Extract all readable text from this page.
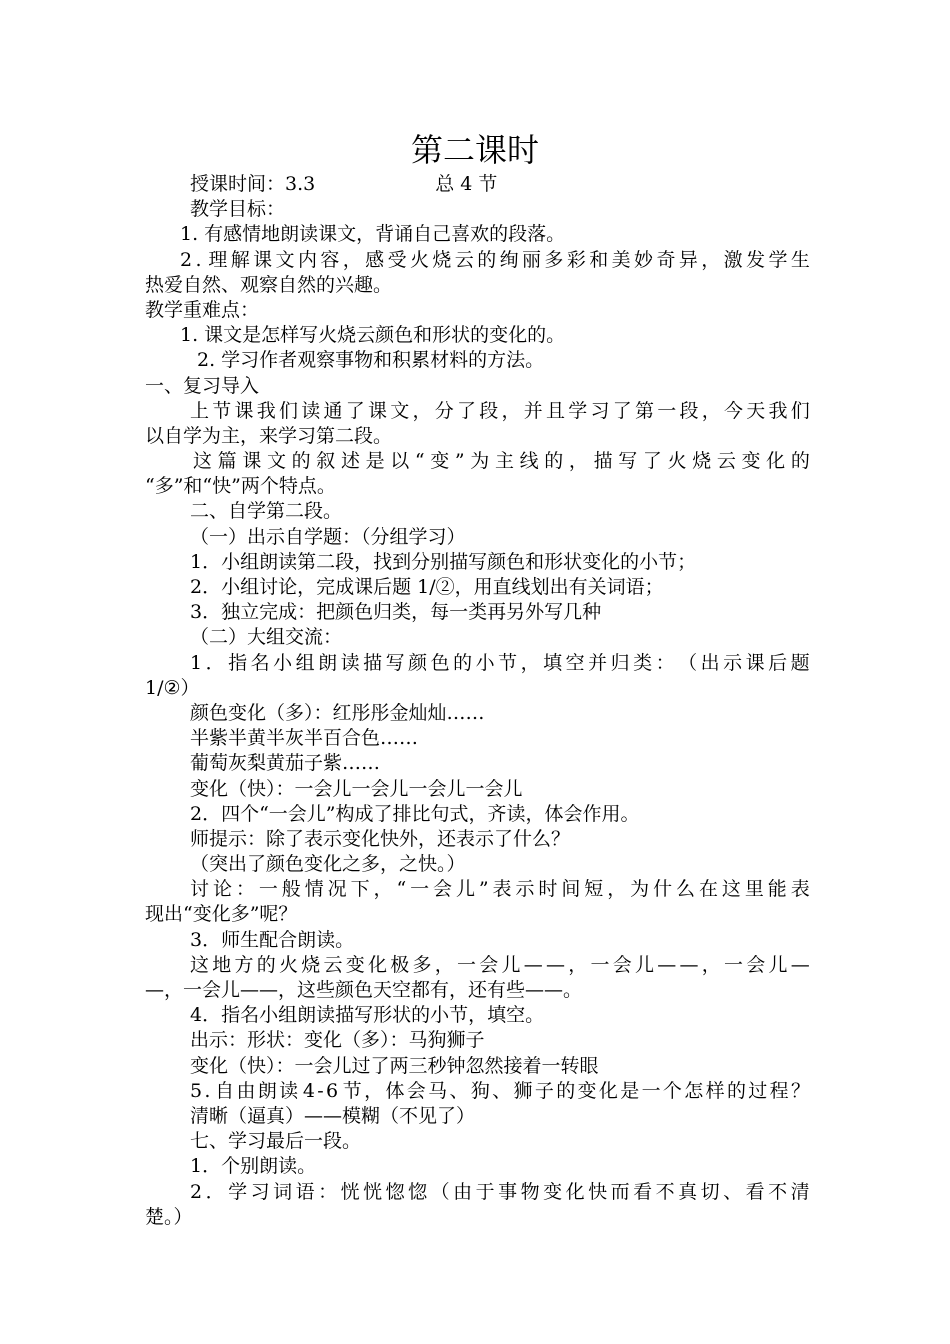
第二课时
授课时间：3.3	总 4 节
教学目标：
1. 有感情地朗读课文，背诵自己喜欢的段落。
2 . 理 解 课 文 内 容 ， 感 受 火 烧 云 的 绚 丽 多 彩 和 美 妙 奇 异 ， 激 发 学 生
热爱自然、观察自然的兴趣。
教学重难点：
1. 课文是怎样写火烧云颜色和形状的变化的。
2. 学习作者观察事物和积累材料的方法。
一、复习导入
上 节 课 我 们 读 通 了 课 文 ， 分 了 段 ， 并 且 学 习 了 第 一 段 ， 今 天 我 们
以自学为主，来学习第二段。
这 篇 课 文 的 叙 述 是 以 “ 变 ” 为 主 线 的 ， 描 写 了 火 烧 云 变 化 的
“多”和“快”两个特点。
二、自学第二段。
（一）出示自学题：（分组学习）
1．小组朗读第二段，找到分别描写颜色和形状变化的小节；
2．小组讨论，完成课后题 1/②，用直线划出有关词语；
3．独立完成：把颜色归类，每一类再另外写几种
（二）大组交流：
1 ． 指 名 小 组 朗 读 描 写 颜 色 的 小 节 ， 填 空 并 归 类 ： （ 出 示 课 后 题
1/②）
颜色变化（多）：红彤彤金灿灿……
半紫半黄半灰半百合色……
葡萄灰梨黄茄子紫……
变化（快）：一会儿一会儿一会儿一会儿
2．四个“一会儿”构成了排比句式，齐读，体会作用。
师提示：除了表示变化快外，还表示了什么？
（突出了颜色变化之多，之快。）
讨 论 ： 一 般 情 况 下 ， “ 一 会 儿 ” 表 示 时 间 短 ， 为 什 么 在 这 里 能 表
现出“变化多”呢？
3．师生配合朗读。
这 地 方 的 火 烧 云 变 化 极 多 ， 一 会 儿 — — ， 一 会 儿 — — ， 一 会 儿 —
—，一会儿——，这些颜色天空都有，还有些——。
4．指名小组朗读描写形状的小节，填空。
出示：形状：变化（多）：马狗狮子
变化（快）：一会儿过了两三秒钟忽然接着一转眼
5 . 自 由 朗 读 4 - 6 节 ， 体 会 马 、 狗 、 狮 子 的 变 化 是 一 个 怎 样 的 过 程 ？
清晰（逼真）——模糊（不见了）
七、学习最后一段。
1．个别朗读。
2 ． 学 习 词 语 ： 恍 恍 惚 惚 （ 由 于 事 物 变 化 快 而 看 不 真 切 、 看 不 清
楚。）
